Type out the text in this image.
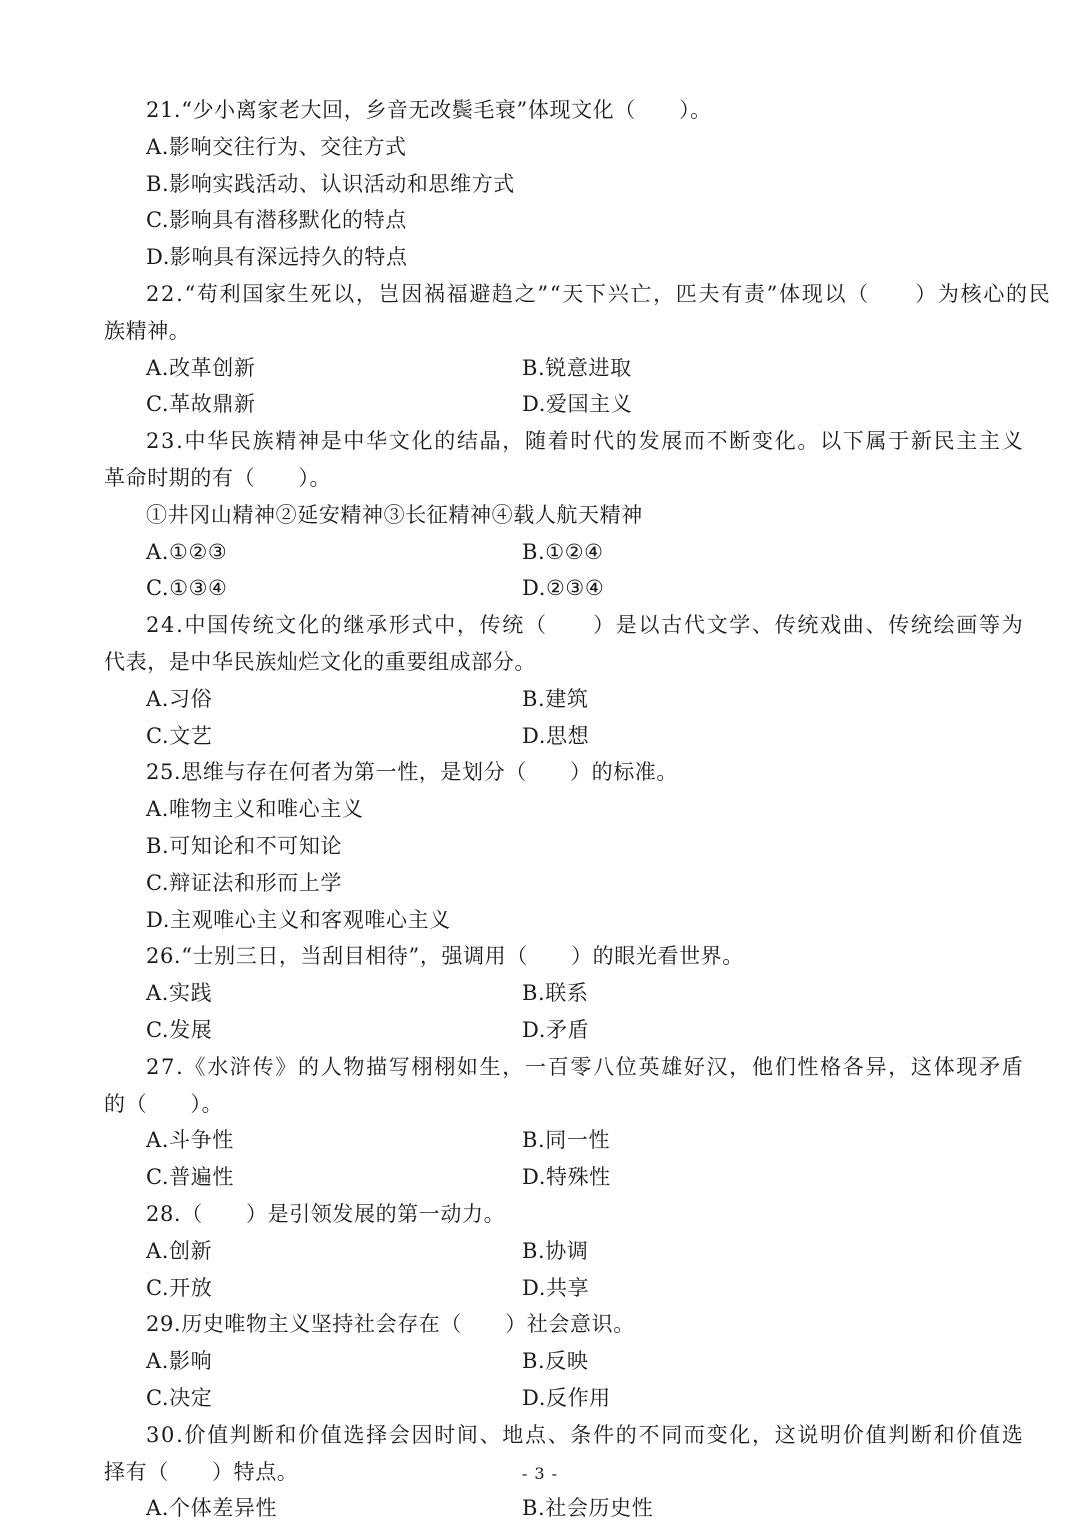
21.“少小离家老大回，乡音无改鬓毛衰”体现文化（　　）。
A.影响交往行为、交往方式
B.影响实践活动、认识活动和思维方式
C.影响具有潜移默化的特点
D.影响具有深远持久的特点
22.“苟利国家生死以，岂因祸福避趋之”“天下兴亡，匹夫有责”体现以（　　）为核心的民
族精神。
A.改革创新	B.锐意进取
C.革故鼎新	D.爱国主义
23.中华民族精神是中华文化的结晶，随着时代的发展而不断变化。以下属于新民主主义
革命时期的有（　　）。
①井冈山精神②延安精神③长征精神④载人航天精神
A.①②③	B.①②④
C.①③④	D.②③④
24.中国传统文化的继承形式中，传统（　　）是以古代文学、传统戏曲、传统绘画等为
代表，是中华民族灿烂文化的重要组成部分。
A.习俗	B.建筑
C.文艺	D.思想
25.思维与存在何者为第一性，是划分（　　）的标准。
A.唯物主义和唯心主义
B.可知论和不可知论
C.辩证法和形而上学
D.主观唯心主义和客观唯心主义
26.“士别三日，当刮目相待”，强调用（　　）的眼光看世界。
A.实践	B.联系
C.发展	D.矛盾
27.《水浒传》的人物描写栩栩如生，一百零八位英雄好汉，他们性格各异，这体现矛盾
的（　　）。
A.斗争性	B.同一性
C.普遍性	D.特殊性
28.（　　）是引领发展的第一动力。
A.创新	B.协调
C.开放	D.共享
29.历史唯物主义坚持社会存在（　　）社会意识。
A.影响	B.反映
C.决定	D.反作用
30.价值判断和价值选择会因时间、地点、条件的不同而变化，这说明价值判断和价值选
择有（　　）特点。
A.个体差异性	B.社会历史性
- 3 -
